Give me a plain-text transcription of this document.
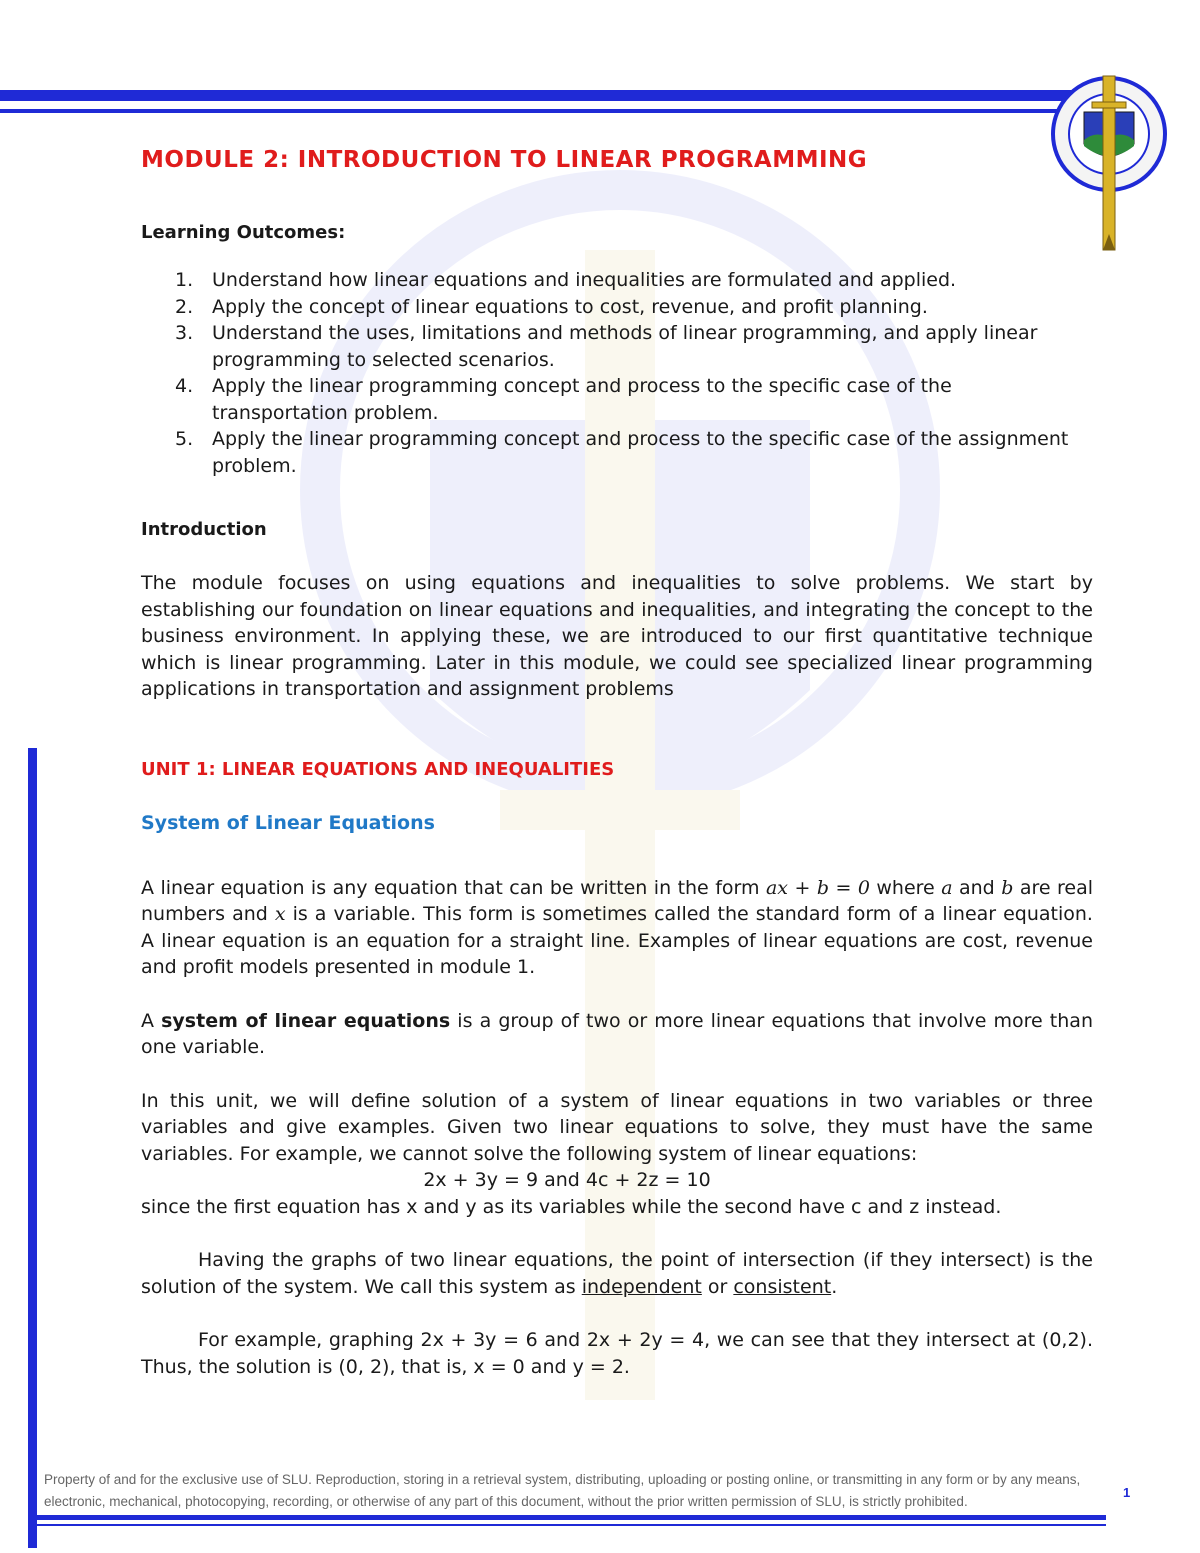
MODULE 2: INTRODUCTION TO LINEAR PROGRAMMING
Learning Outcomes:
1. Understand how linear equations and inequalities are formulated and applied.
2. Apply the concept of linear equations to cost, revenue, and profit planning.
3. Understand the uses, limitations and methods of linear programming, and apply linear programming to selected scenarios.
4. Apply the linear programming concept and process to the specific case of the transportation problem.
5. Apply the linear programming concept and process to the specific case of the assignment problem.
Introduction

The module focuses on using equations and inequalities to solve problems. We start by establishing our foundation on linear equations and inequalities, and integrating the concept to the business environment. In applying these, we are introduced to our first quantitative technique which is linear programming. Later in this module, we could see specialized linear programming applications in transportation and assignment problems

UNIT 1: LINEAR EQUATIONS AND INEQUALITIES
System of Linear Equations

A linear equation is any equation that can be written in the form ax + b = 0 where a and b are real numbers and x is a variable. This form is sometimes called the standard form of a linear equation. A linear equation is an equation for a straight line. Examples of linear equations are cost, revenue and profit models presented in module 1.

A system of linear equations is a group of two or more linear equations that involve more than one variable.

In this unit, we will define solution of a system of linear equations in two variables or three variables and give examples. Given two linear equations to solve, they must have the same variables. For example, we cannot solve the following system of linear equations:

2x + 3y = 9 and 4c + 2z = 10

since the first equation has x and y as its variables while the second have c and z instead.

Having the graphs of two linear equations, the point of intersection (if they intersect) is the solution of the system. We call this system as independent or consistent.

For example, graphing 2x + 3y = 6 and 2x + 2y = 4, we can see that they intersect at (0,2). Thus, the solution is (0, 2), that is, x = 0 and y = 2.

Property of and for the exclusive use of SLU. Reproduction, storing in a retrieval system, distributing, uploading or posting online, or transmitting in any form or by any means, electronic, mechanical, photocopying, recording, or otherwise of any part of this document, without the prior written permission of SLU, is strictly prohibited.
1
